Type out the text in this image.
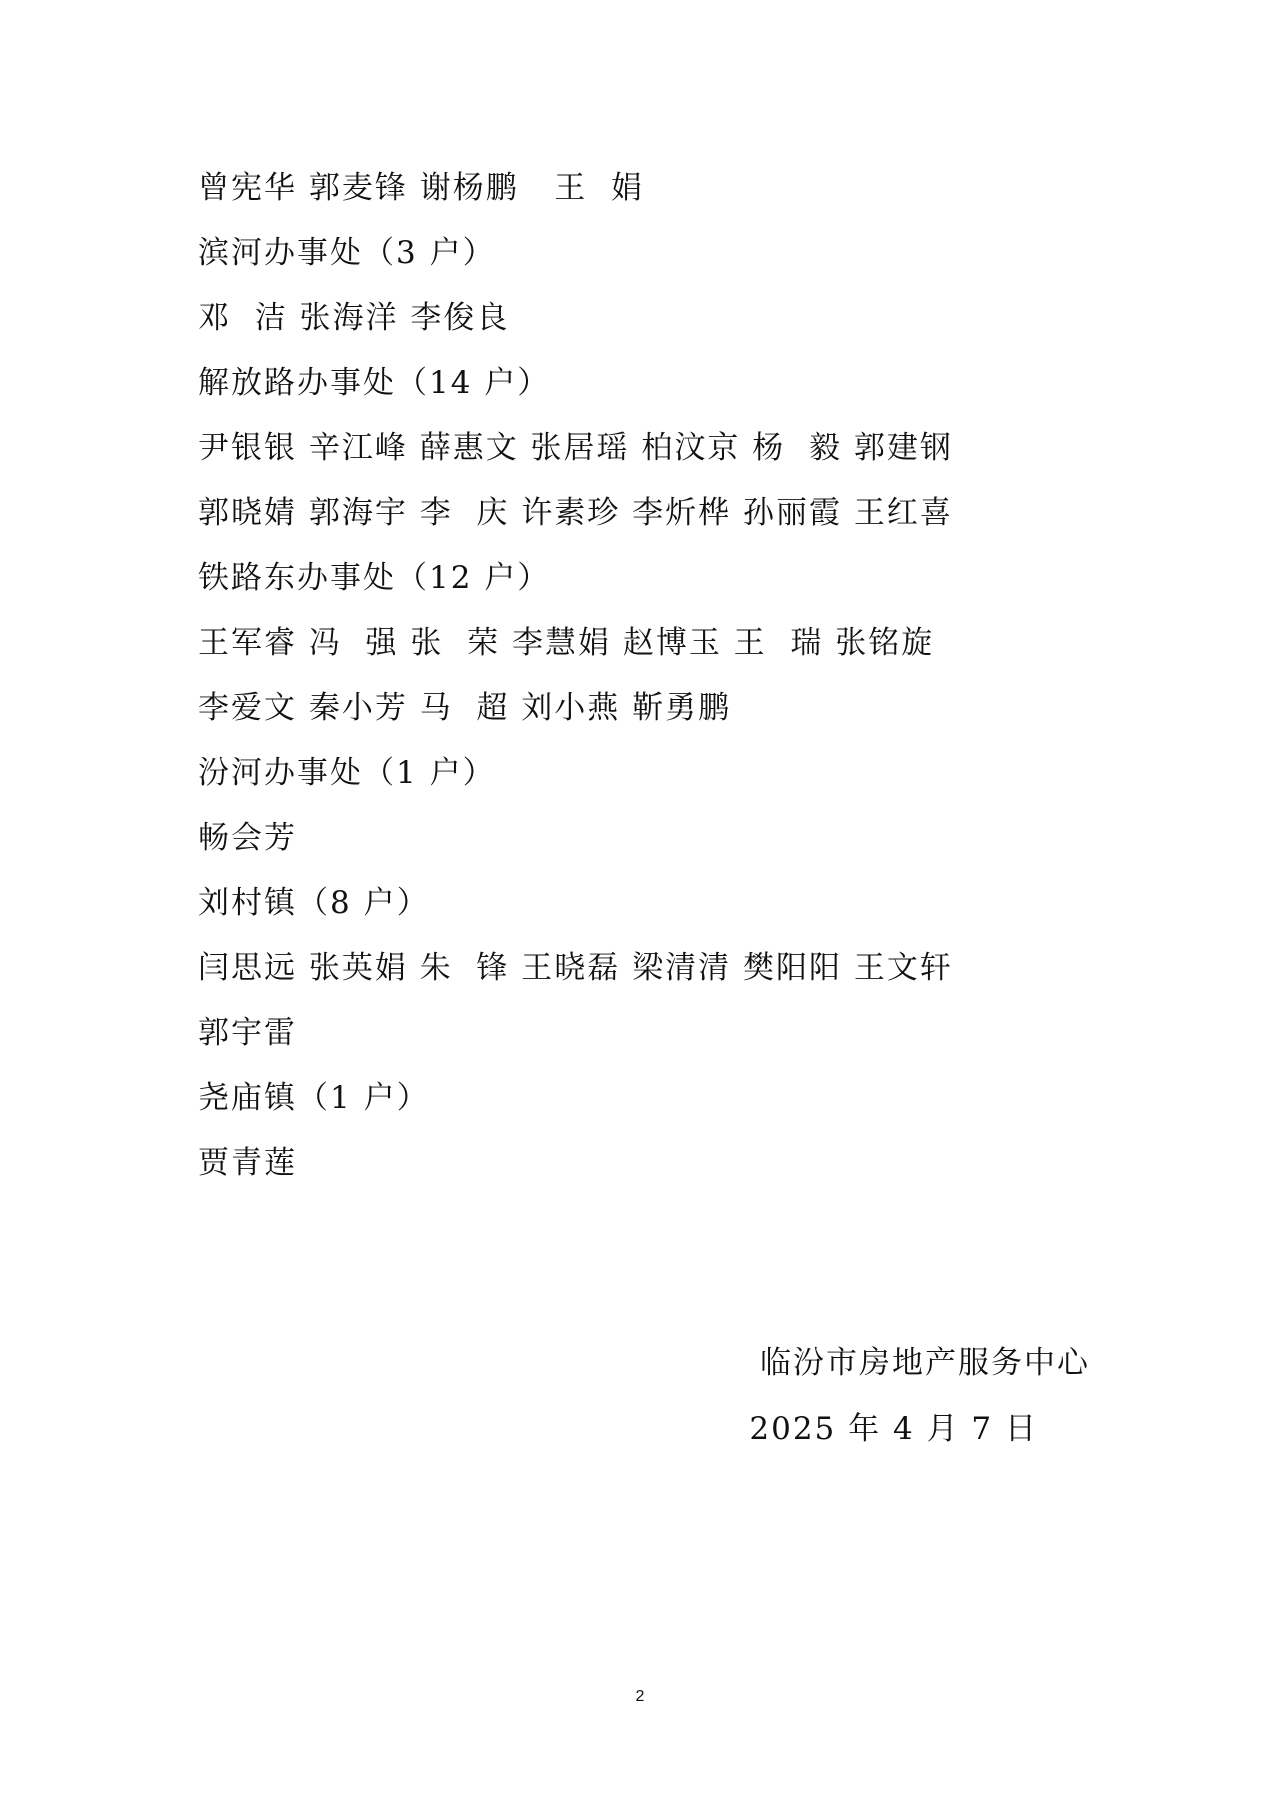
曾宪华 郭麦锋 谢杨鹏   王  娟
滨河办事处（3 户）
邓  洁 张海洋 李俊良
解放路办事处（14 户）
尹银银 辛江峰 薛惠文 张居瑶 柏汶京 杨  毅 郭建钢
郭晓婧 郭海宇 李  庆 许素珍 李炘桦 孙丽霞 王红喜
铁路东办事处（12 户）
王军睿 冯  强 张  荣 李慧娟 赵博玉 王  瑞 张铭旋
李爱文 秦小芳 马  超 刘小燕 靳勇鹏
汾河办事处（1 户）
畅会芳
刘村镇（8 户）
闫思远 张英娟 朱  锋 王晓磊 梁清清 樊阳阳 王文轩
郭宇雷
尧庙镇（1 户）
贾青莲
临汾市房地产服务中心
2025 年 4 月 7 日
2
